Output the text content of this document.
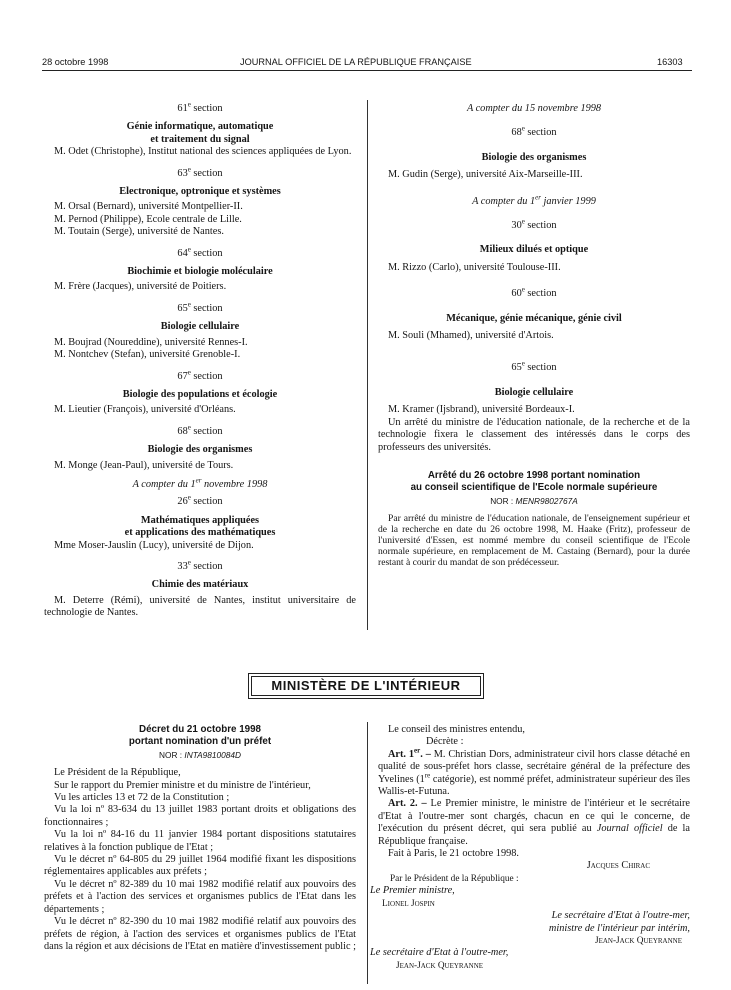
28 octobre 1998	JOURNAL OFFICIEL DE LA RÉPUBLIQUE FRANÇAISE	16303

61e section

Génie informatique, automatique

et traitement du signal

M. Odet (Christophe), Institut national des sciences appliquées de Lyon.

63e section

Electronique, optronique et systèmes

M. Orsal (Bernard), université Montpellier-II.

M. Pernod (Philippe), Ecole centrale de Lille.

M. Toutain (Serge), université de Nantes.

64e section

Biochimie et biologie moléculaire

M. Frère (Jacques), université de Poitiers.

65e section

Biologie cellulaire

M. Boujrad (Noureddine), université Rennes-I.

M. Nontchev (Stefan), université Grenoble-I.

67e section

Biologie des populations et écologie

M. Lieutier (François), université d'Orléans.

68e section

Biologie des organismes

M. Monge (Jean-Paul), université de Tours.

A compter du 1er novembre 1998

26e section

Mathématiques appliquées

et applications des mathématiques

Mme Moser-Jauslin (Lucy), université de Dijon.

33e section

Chimie des matériaux

M. Deterre (Rémi), université de Nantes, institut universitaire de technologie de Nantes.

A compter du 15 novembre 1998

68e section

Biologie des organismes

M. Gudin (Serge), université Aix-Marseille-III.

A compter du 1er janvier 1999

30e section

Milieux dilués et optique

M. Rizzo (Carlo), université Toulouse-III.

60e section

Mécanique, génie mécanique, génie civil

M. Souli (Mhamed), université d'Artois.

65e section

Biologie cellulaire

M. Kramer (Ijsbrand), université Bordeaux-I.

Un arrêté du ministre de l'éducation nationale, de la recherche et de la technologie fixera le classement des intéressés dans le corps des professeurs des universités.

Arrêté du 26 octobre 1998 portant nomination

au conseil scientifique de l'Ecole normale supérieure

NOR : MENR9802767A

Par arrêté du ministre de l'éducation nationale, de l'enseignement supérieur et de la recherche en date du 26 octobre 1998, M. Haake (Fritz), professeur de l'université d'Essen, est nommé membre du conseil scientifique de l'Ecole normale supérieure, en remplacement de M. Castaing (Bernard), pour la durée restant à courir du mandat de son prédécesseur.

MINISTÈRE DE L'INTÉRIEUR

Décret du 21 octobre 1998

portant nomination d'un préfet

NOR : INTA9810084D

Le Président de la République,

Sur le rapport du Premier ministre et du ministre de l'intérieur,

Vu les articles 13 et 72 de la Constitution ;

Vu la loi nº 83-634 du 13 juillet 1983 portant droits et obligations des fonctionnaires ;

Vu la loi nº 84-16 du 11 janvier 1984 portant dispositions statutaires relatives à la fonction publique de l'Etat ;

Vu le décret nº 64-805 du 29 juillet 1964 modifié fixant les dispositions réglementaires applicables aux préfets ;

Vu le décret nº 82-389 du 10 mai 1982 modifié relatif aux pouvoirs des préfets et à l'action des services et organismes publics de l'Etat dans les départements ;

Vu le décret nº 82-390 du 10 mai 1982 modifié relatif aux pouvoirs des préfets de région, à l'action des services et organismes publics de l'Etat dans la région et aux décisions de l'Etat en matière d'investissement public ;

Le conseil des ministres entendu,

Décrète :

Art. 1er. – M. Christian Dors, administrateur civil hors classe détaché en qualité de sous-préfet hors classe, secrétaire général de la préfecture des Yvelines (1re catégorie), est nommé préfet, administrateur supérieur des îles Wallis-et-Futuna.

Art. 2. – Le Premier ministre, le ministre de l'intérieur et le secrétaire d'Etat à l'outre-mer sont chargés, chacun en ce qui le concerne, de l'exécution du présent décret, qui sera publié au Journal officiel de la République française.

Fait à Paris, le 21 octobre 1998.

Jacques Chirac

Par le Président de la République :

Le Premier ministre,

Lionel Jospin

Le secrétaire d'Etat à l'outre-mer,

ministre de l'intérieur par intérim,

Jean-Jack Queyranne

Le secrétaire d'Etat à l'outre-mer,

Jean-Jack Queyranne
